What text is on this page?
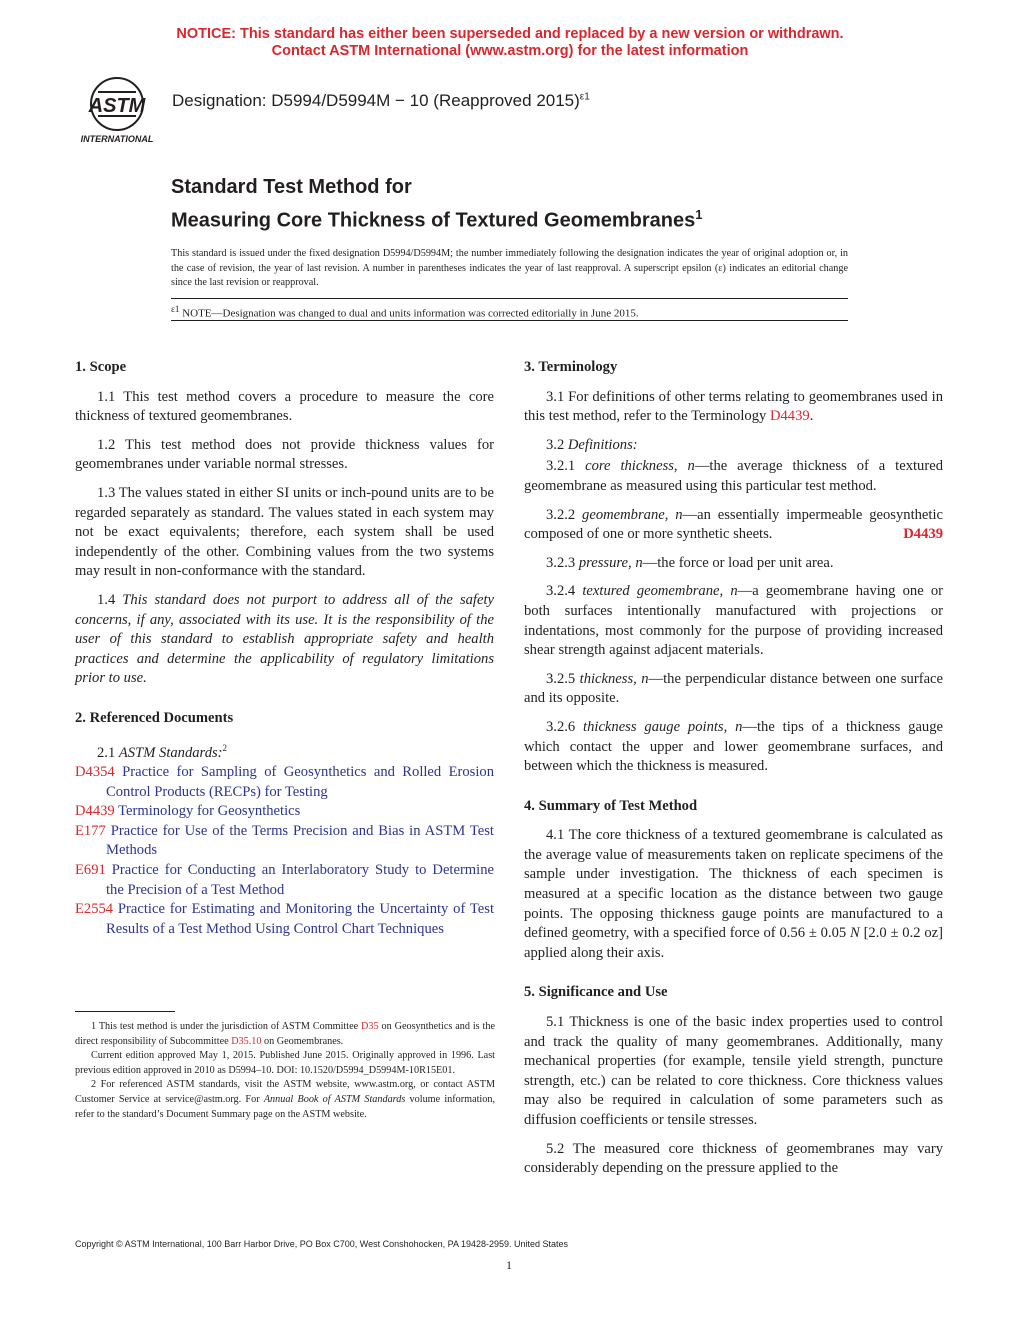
NOTICE: This standard has either been superseded and replaced by a new version or withdrawn.
Contact ASTM International (www.astm.org) for the latest information
ASTM
INTERNATIONAL
Designation: D5994/D5994M − 10 (Reapproved 2015)$^{\varepsilon 1}$
Standard Test Method for
Measuring Core Thickness of Textured Geomembranes$^1$
This standard is issued under the fixed designation D5994/D5994M; the number immediately following the designation indicates the year of original adoption or, in the case of revision, the year of last revision. A number in parentheses indicates the year of last reapproval. A superscript epsilon (ε) indicates an editorial change since the last revision or reapproval.
$^{\varepsilon 1}$ NOTE—Designation was changed to dual and units information was corrected editorially in June 2015.
1. Scope

1.1 This test method covers a procedure to measure the core thickness of textured geomembranes.

1.2 This test method does not provide thickness values for geomembranes under variable normal stresses.

1.3 The values stated in either SI units or inch-pound units are to be regarded separately as standard. The values stated in each system may not be exact equivalents; therefore, each system shall be used independently of the other. Combining values from the two systems may result in non-conformance with the standard.

1.4 This standard does not purport to address all of the safety concerns, if any, associated with its use. It is the responsibility of the user of this standard to establish appropriate safety and health practices and determine the applicability of regulatory limitations prior to use.

2. Referenced Documents

2.1 ASTM Standards:$^2$

D4354 Practice for Sampling of Geosynthetics and Rolled Erosion Control Products (RECPs) for Testing
D4439 Terminology for Geosynthetics
E177 Practice for Use of the Terms Precision and Bias in ASTM Test Methods
E691 Practice for Conducting an Interlaboratory Study to Determine the Precision of a Test Method
E2554 Practice for Estimating and Monitoring the Uncertainty of Test Results of a Test Method Using Control Chart Techniques

1 This test method is under the jurisdiction of ASTM Committee D35 on Geosynthetics and is the direct responsibility of Subcommittee D35.10 on Geomembranes.

Current edition approved May 1, 2015. Published June 2015. Originally approved in 1996. Last previous edition approved in 2010 as D5994–10. DOI: 10.1520/D5994_D5994M-10R15E01.

2 For referenced ASTM standards, visit the ASTM website, www.astm.org, or contact ASTM Customer Service at service@astm.org. For Annual Book of ASTM Standards volume information, refer to the standard’s Document Summary page on the ASTM website.

3. Terminology

3.1 For definitions of other terms relating to geomembranes used in this test method, refer to the Terminology D4439.

3.2 Definitions:

3.2.1 core thickness, n—the average thickness of a textured geomembrane as measured using this particular test method.

3.2.2 geomembrane, n—an essentially impermeable geosynthetic composed of one or more synthetic sheets.	D4439

3.2.3 pressure, n—the force or load per unit area.

3.2.4 textured geomembrane, n—a geomembrane having one or both surfaces intentionally manufactured with projections or indentations, most commonly for the purpose of providing increased shear strength against adjacent materials.

3.2.5 thickness, n—the perpendicular distance between one surface and its opposite.

3.2.6 thickness gauge points, n—the tips of a thickness gauge which contact the upper and lower geomembrane surfaces, and between which the thickness is measured.

4. Summary of Test Method

4.1 The core thickness of a textured geomembrane is calculated as the average value of measurements taken on replicate specimens of the sample under investigation. The thickness of each specimen is measured at a specific location as the distance between two gauge points. The opposing thickness gauge points are manufactured to a defined geometry, with a specified force of 0.56 ± 0.05 N [2.0 ± 0.2 oz] applied along their axis.

5. Significance and Use

5.1 Thickness is one of the basic index properties used to control and track the quality of many geomembranes. Additionally, many mechanical properties (for example, tensile yield strength, puncture strength, etc.) can be related to core thickness. Core thickness values may also be required in calculation of some parameters such as diffusion coefficients or tensile stresses.

5.2 The measured core thickness of geomembranes may vary considerably depending on the pressure applied to the

Copyright © ASTM International, 100 Barr Harbor Drive, PO Box C700, West Conshohocken, PA 19428-2959. United States
1
